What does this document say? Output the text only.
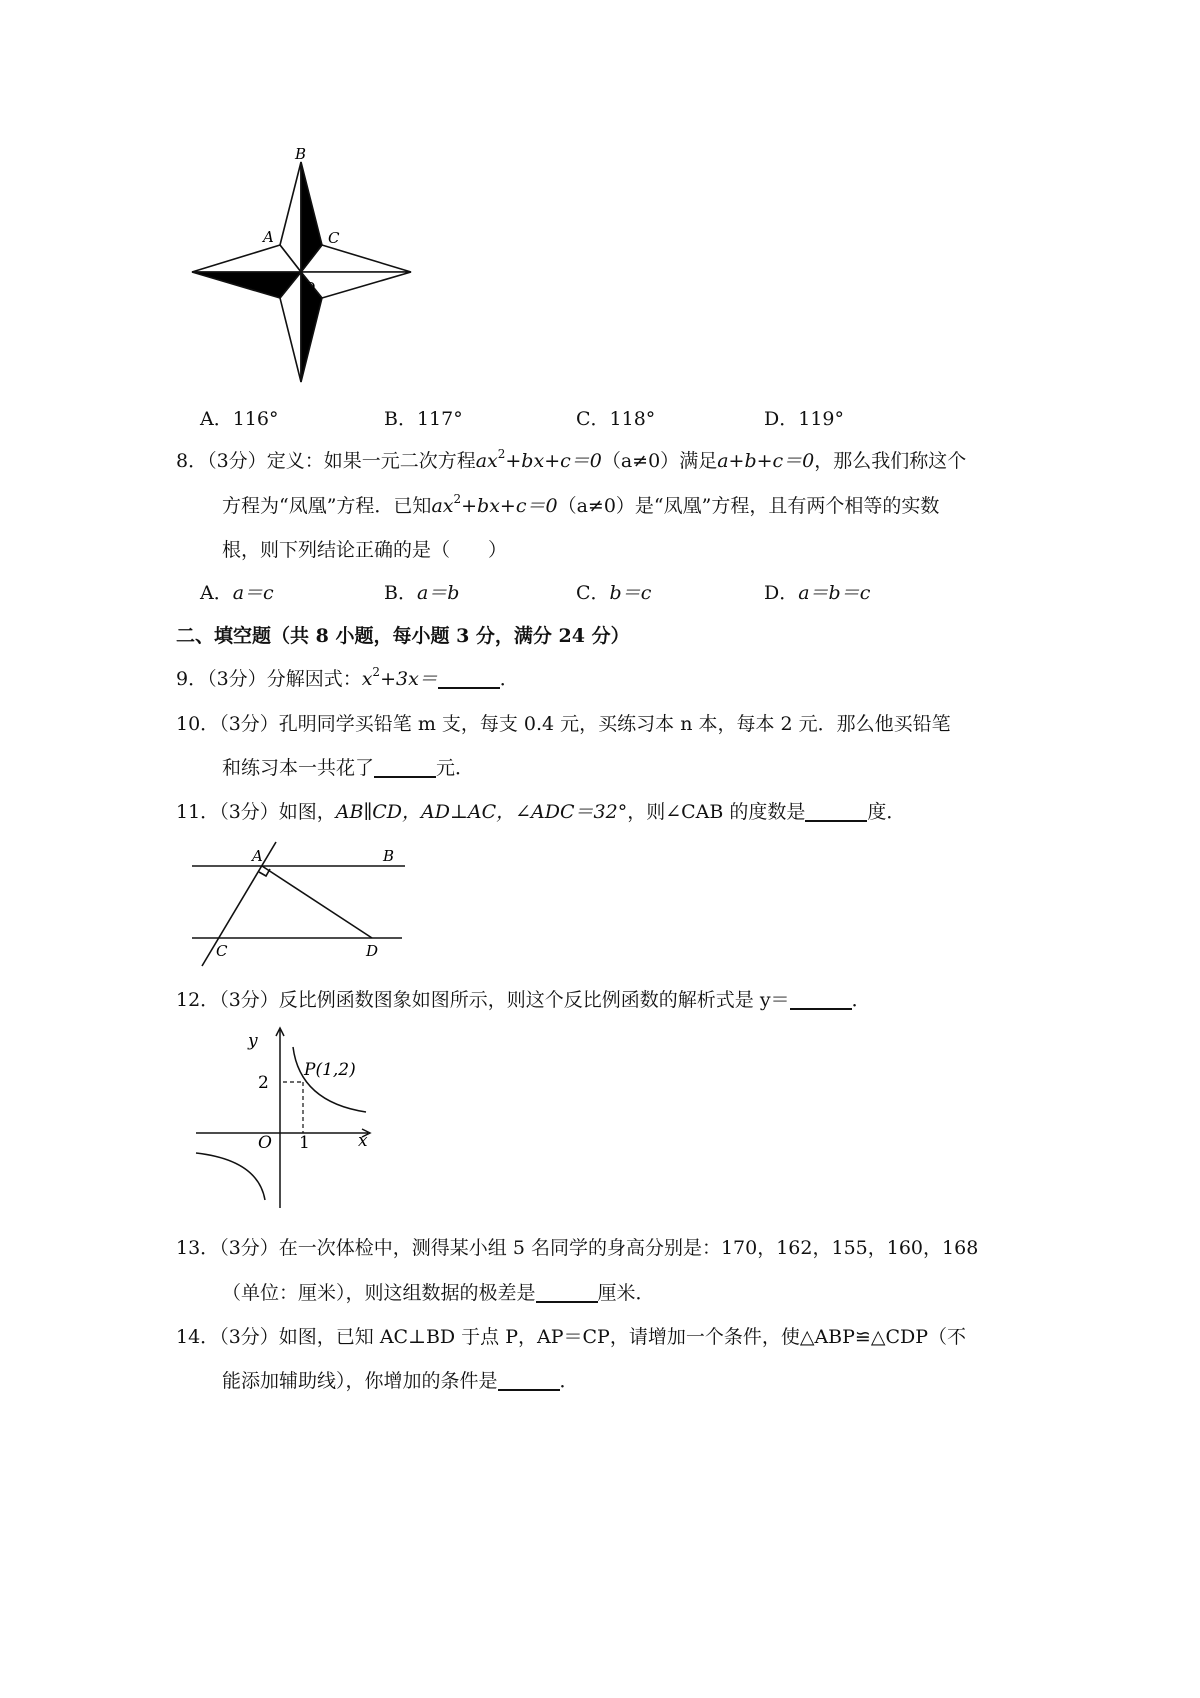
B
A	C
O
A．116°	B．117°	C．118°	D．119°
8．（3分）定义：如果一元二次方程$ax^2+bx+c=0(a\ne 0)$满足a+b+c＝0，那么我们称这个
方程为“凤凰”方程．已知$ax^2+bx+c=0(a\ne 0)$是“凤凰”方程，且有两个相等的实数
根，则下列结论正确的是（　　）
A．a＝c	B．a＝b	C．b＝c	D．a＝b＝c
二、填空题（共 8 小题，每小题 3 分，满分 24 分）
9．（3分）分解因式：$x^2+3x=$	．
10．（3分）孔明同学买铅笔 m 支，每支 0.4 元，买练习本 n 本，每本 2 元．那么他买铅笔
和练习本一共花了	元．
11．（3分）如图，AB∥CD，AD⊥AC，∠ADC＝32°，则∠CAB 的度数是	度．
A	B
C	D
12．（3分）反比例函数图象如图所示，则这个反比例函数的解析式是 y＝	．
y
x
O
2
1
P(1,2)
13．（3分）在一次体检中，测得某小组 5 名同学的身高分别是：170，162，155，160，168
（单位：厘米），则这组数据的极差是	厘米．
14．（3分）如图，已知 AC⊥BD 于点 P，AP＝CP，请增加一个条件，使△ABP≌△CDP（不
能添加辅助线），你增加的条件是	．
